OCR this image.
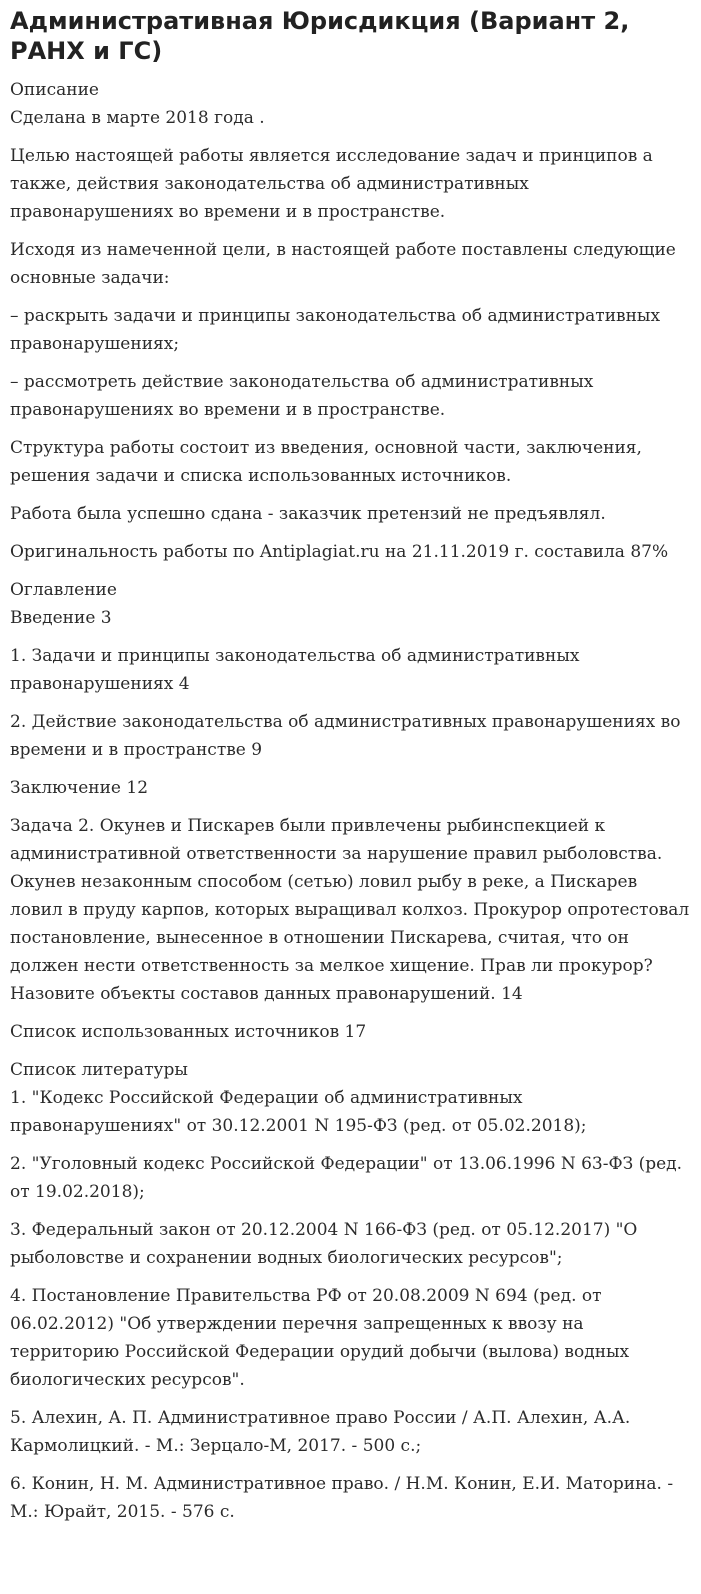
Административная Юрисдикция (Вариант 2, РАНХ и ГС)
Описание

Сделана в марте 2018 года .

Целью настоящей работы является исследование задач и принципов а также, действия законодательства об административных правонарушениях во времени и в пространстве.

Исходя из намеченной цели, в настоящей работе поставлены следующие основные задачи:

– раскрыть задачи и принципы законодательства об административных правонарушениях;

– рассмотреть действие законодательства об административных правонарушениях во времени и в пространстве.

Структура работы состоит из введения, основной части, заключения, решения задачи и списка использованных источников.

Работа была успешно сдана - заказчик претензий не предъявлял.

Оригинальность работы по Antiplagiat.ru на 21.11.2019 г. составила 87%

Оглавление

Введение 3

1. Задачи и принципы законодательства об административных правонарушениях 4

2. Действие законодательства об административных правонарушениях во времени и в пространстве 9

Заключение 12

Задача 2. Окунев и Пискарев были привлечены рыбинспекцией к административной ответственности за нарушение правил рыболовства. Окунев незаконным способом (сетью) ловил рыбу в реке, а Пискарев ловил в пруду карпов, которых выращивал колхоз. Прокурор опротестовал постановление, вынесенное в отношении Пискарева, считая, что он должен нести ответственность за мелкое хищение. Прав ли прокурор? Назовите объекты составов данных правонарушений. 14

Список использованных источников 17

Список литературы

1. "Кодекс Российской Федерации об административных правонарушениях" от 30.12.2001 N 195-ФЗ (ред. от 05.02.2018);

2. "Уголовный кодекс Российской Федерации" от 13.06.1996 N 63-ФЗ (ред. от 19.02.2018);

3. Федеральный закон от 20.12.2004 N 166-ФЗ (ред. от 05.12.2017) "О рыболовстве и сохранении водных биологических ресурсов";

4. Постановление Правительства РФ от 20.08.2009 N 694 (ред. от 06.02.2012) "Об утверждении перечня запрещенных к ввозу на территорию Российской Федерации орудий добычи (вылова) водных биологических ресурсов".

5. Алехин, А. П. Административное право России / А.П. Алехин, А.А. Кармолицкий. - М.: Зерцало-М, 2017. - 500 с.;

6. Конин, Н. М. Административное право. / Н.М. Конин, Е.И. Маторина. - М.: Юрайт, 2015. - 576 с.
